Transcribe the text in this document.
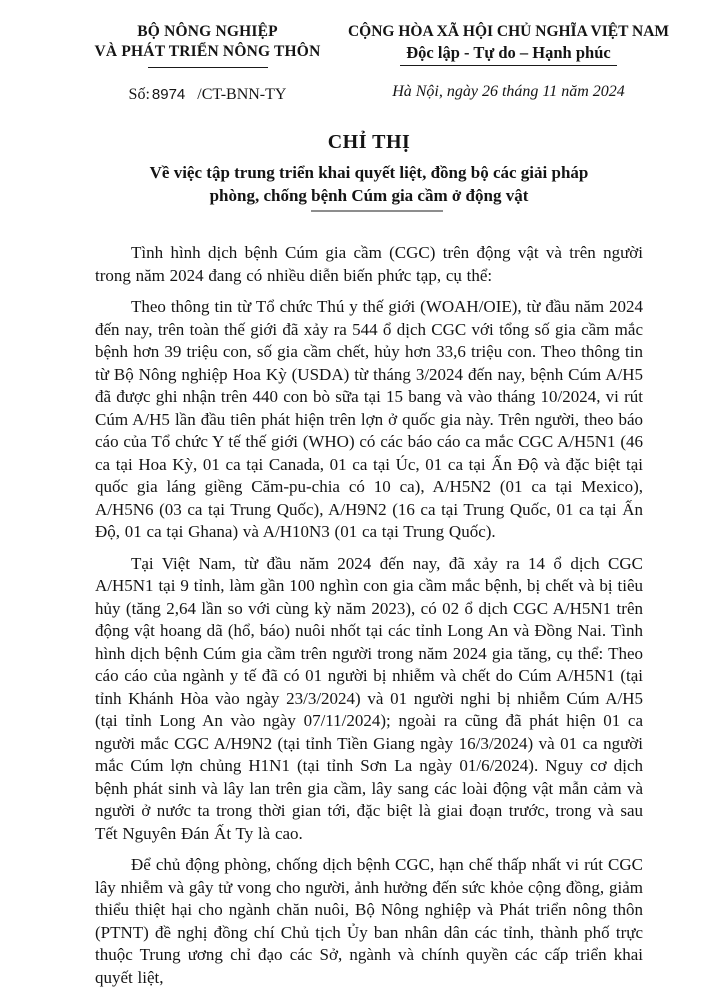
BỘ NÔNG NGHIỆP
VÀ PHÁT TRIỂN NÔNG THÔN
Số: 8974 /CT-BNN-TY
CỘNG HÒA XÃ HỘI CHỦ NGHĨA VIỆT NAM
Độc lập - Tự do – Hạnh phúc
Hà Nội, ngày 26 tháng 11 năm 2024
CHỈ THỊ
Về việc tập trung triển khai quyết liệt, đồng bộ các giải pháp
phòng, chống bệnh Cúm gia cầm ở động vật

Tình hình dịch bệnh Cúm gia cầm (CGC) trên động vật và trên người trong năm 2024 đang có nhiều diễn biến phức tạp, cụ thể:

Theo thông tin từ Tổ chức Thú y thế giới (WOAH/OIE), từ đầu năm 2024 đến nay, trên toàn thế giới đã xảy ra 544 ổ dịch CGC với tổng số gia cầm mắc bệnh hơn 39 triệu con, số gia cầm chết, hủy hơn 33,6 triệu con. Theo thông tin từ Bộ Nông nghiệp Hoa Kỳ (USDA) từ tháng 3/2024 đến nay, bệnh Cúm A/H5 đã được ghi nhận trên 440 con bò sữa tại 15 bang và vào tháng 10/2024, vi rút Cúm A/H5 lần đầu tiên phát hiện trên lợn ở quốc gia này. Trên người, theo báo cáo của Tổ chức Y tế thế giới (WHO) có các báo cáo ca mắc CGC A/H5N1 (46 ca tại Hoa Kỳ, 01 ca tại Canada, 01 ca tại Úc, 01 ca tại Ấn Độ và đặc biệt tại quốc gia láng giềng Căm-pu-chia có 10 ca), A/H5N2 (01 ca tại Mexico), A/H5N6 (03 ca tại Trung Quốc), A/H9N2 (16 ca tại Trung Quốc, 01 ca tại Ấn Độ, 01 ca tại Ghana) và A/H10N3 (01 ca tại Trung Quốc).

Tại Việt Nam, từ đầu năm 2024 đến nay, đã xảy ra 14 ổ dịch CGC A/H5N1 tại 9 tỉnh, làm gần 100 nghìn con gia cầm mắc bệnh, bị chết và bị tiêu hủy (tăng 2,64 lần so với cùng kỳ năm 2023), có 02 ổ dịch CGC A/H5N1 trên động vật hoang dã (hổ, báo) nuôi nhốt tại các tỉnh Long An và Đồng Nai. Tình hình dịch bệnh Cúm gia cầm trên người trong năm 2024 gia tăng, cụ thể: Theo cáo cáo của ngành y tế đã có 01 người bị nhiễm và chết do Cúm A/H5N1 (tại tỉnh Khánh Hòa vào ngày 23/3/2024) và 01 người nghi bị nhiễm Cúm A/H5 (tại tỉnh Long An vào ngày 07/11/2024); ngoài ra cũng đã phát hiện 01 ca người mắc CGC A/H9N2 (tại tỉnh Tiền Giang ngày 16/3/2024) và 01 ca người mắc Cúm lợn chủng H1N1 (tại tỉnh Sơn La ngày 01/6/2024). Nguy cơ dịch bệnh phát sinh và lây lan trên gia cầm, lây sang các loài động vật mẫn cảm và người ở nước ta trong thời gian tới, đặc biệt là giai đoạn trước, trong và sau Tết Nguyên Đán Ất Ty là cao.

Để chủ động phòng, chống dịch bệnh CGC, hạn chế thấp nhất vi rút CGC lây nhiễm và gây tử vong cho người, ảnh hưởng đến sức khỏe cộng đồng, giảm thiểu thiệt hại cho ngành chăn nuôi, Bộ Nông nghiệp và Phát triển nông thôn (PTNT) đề nghị đồng chí Chủ tịch Ủy ban nhân dân các tỉnh, thành phố trực thuộc Trung ương chỉ đạo các Sở, ngành và chính quyền các cấp triển khai quyết liệt,
